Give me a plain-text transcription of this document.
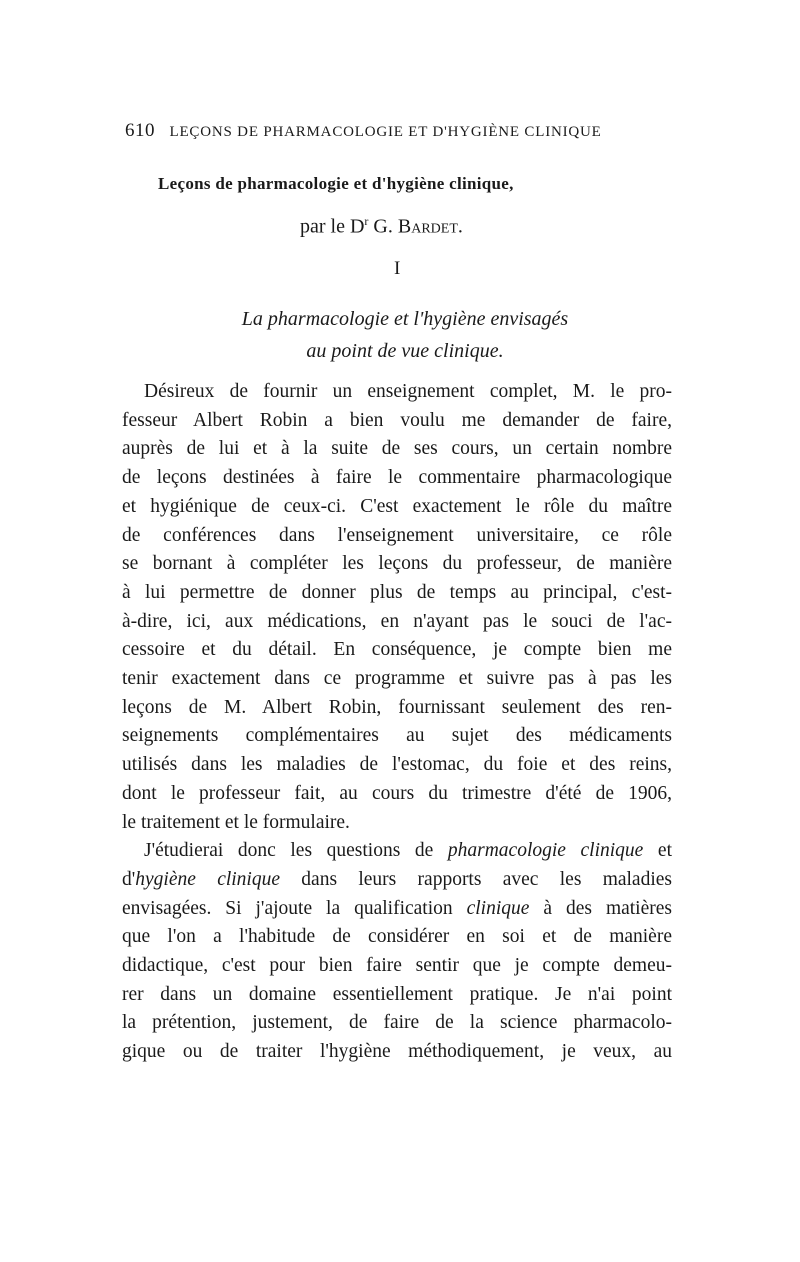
610 LEÇONS DE PHARMACOLOGIE ET D'HYGIÈNE CLINIQUE
Leçons de pharmacologie et d'hygiène clinique,
par le $D^r$ G. Bardet.
I
La pharmacologie et l'hygiène envisagés
au point de vue clinique.
Désireux de fournir un enseignement complet, M. le pro-
fesseur Albert Robin a bien voulu me demander de faire,
auprès de lui et à la suite de ses cours, un certain nombre
de leçons destinées à faire le commentaire pharmacologique
et hygiénique de ceux-ci. C'est exactement le rôle du maître
de conférences dans l'enseignement universitaire, ce rôle
se bornant à compléter les leçons du professeur, de manière
à lui permettre de donner plus de temps au principal, c'est-
à-dire, ici, aux médications, en n'ayant pas le souci de l'ac-
cessoire et du détail. En conséquence, je compte bien me
tenir exactement dans ce programme et suivre pas à pas les
leçons de M. Albert Robin, fournissant seulement des ren-
seignements complémentaires au sujet des médicaments
utilisés dans les maladies de l'estomac, du foie et des reins,
dont le professeur fait, au cours du trimestre d'été de 1906,
le traitement et le formulaire.
J'étudierai donc les questions de pharmacologie clinique et
d'hygiène clinique dans leurs rapports avec les maladies
envisagées. Si j'ajoute la qualification clinique à des matières
que l'on a l'habitude de considérer en soi et de manière
didactique, c'est pour bien faire sentir que je compte demeu-
rer dans un domaine essentiellement pratique. Je n'ai point
la prétention, justement, de faire de la science pharmacolo-
gique ou de traiter l'hygiène méthodiquement, je veux, au
